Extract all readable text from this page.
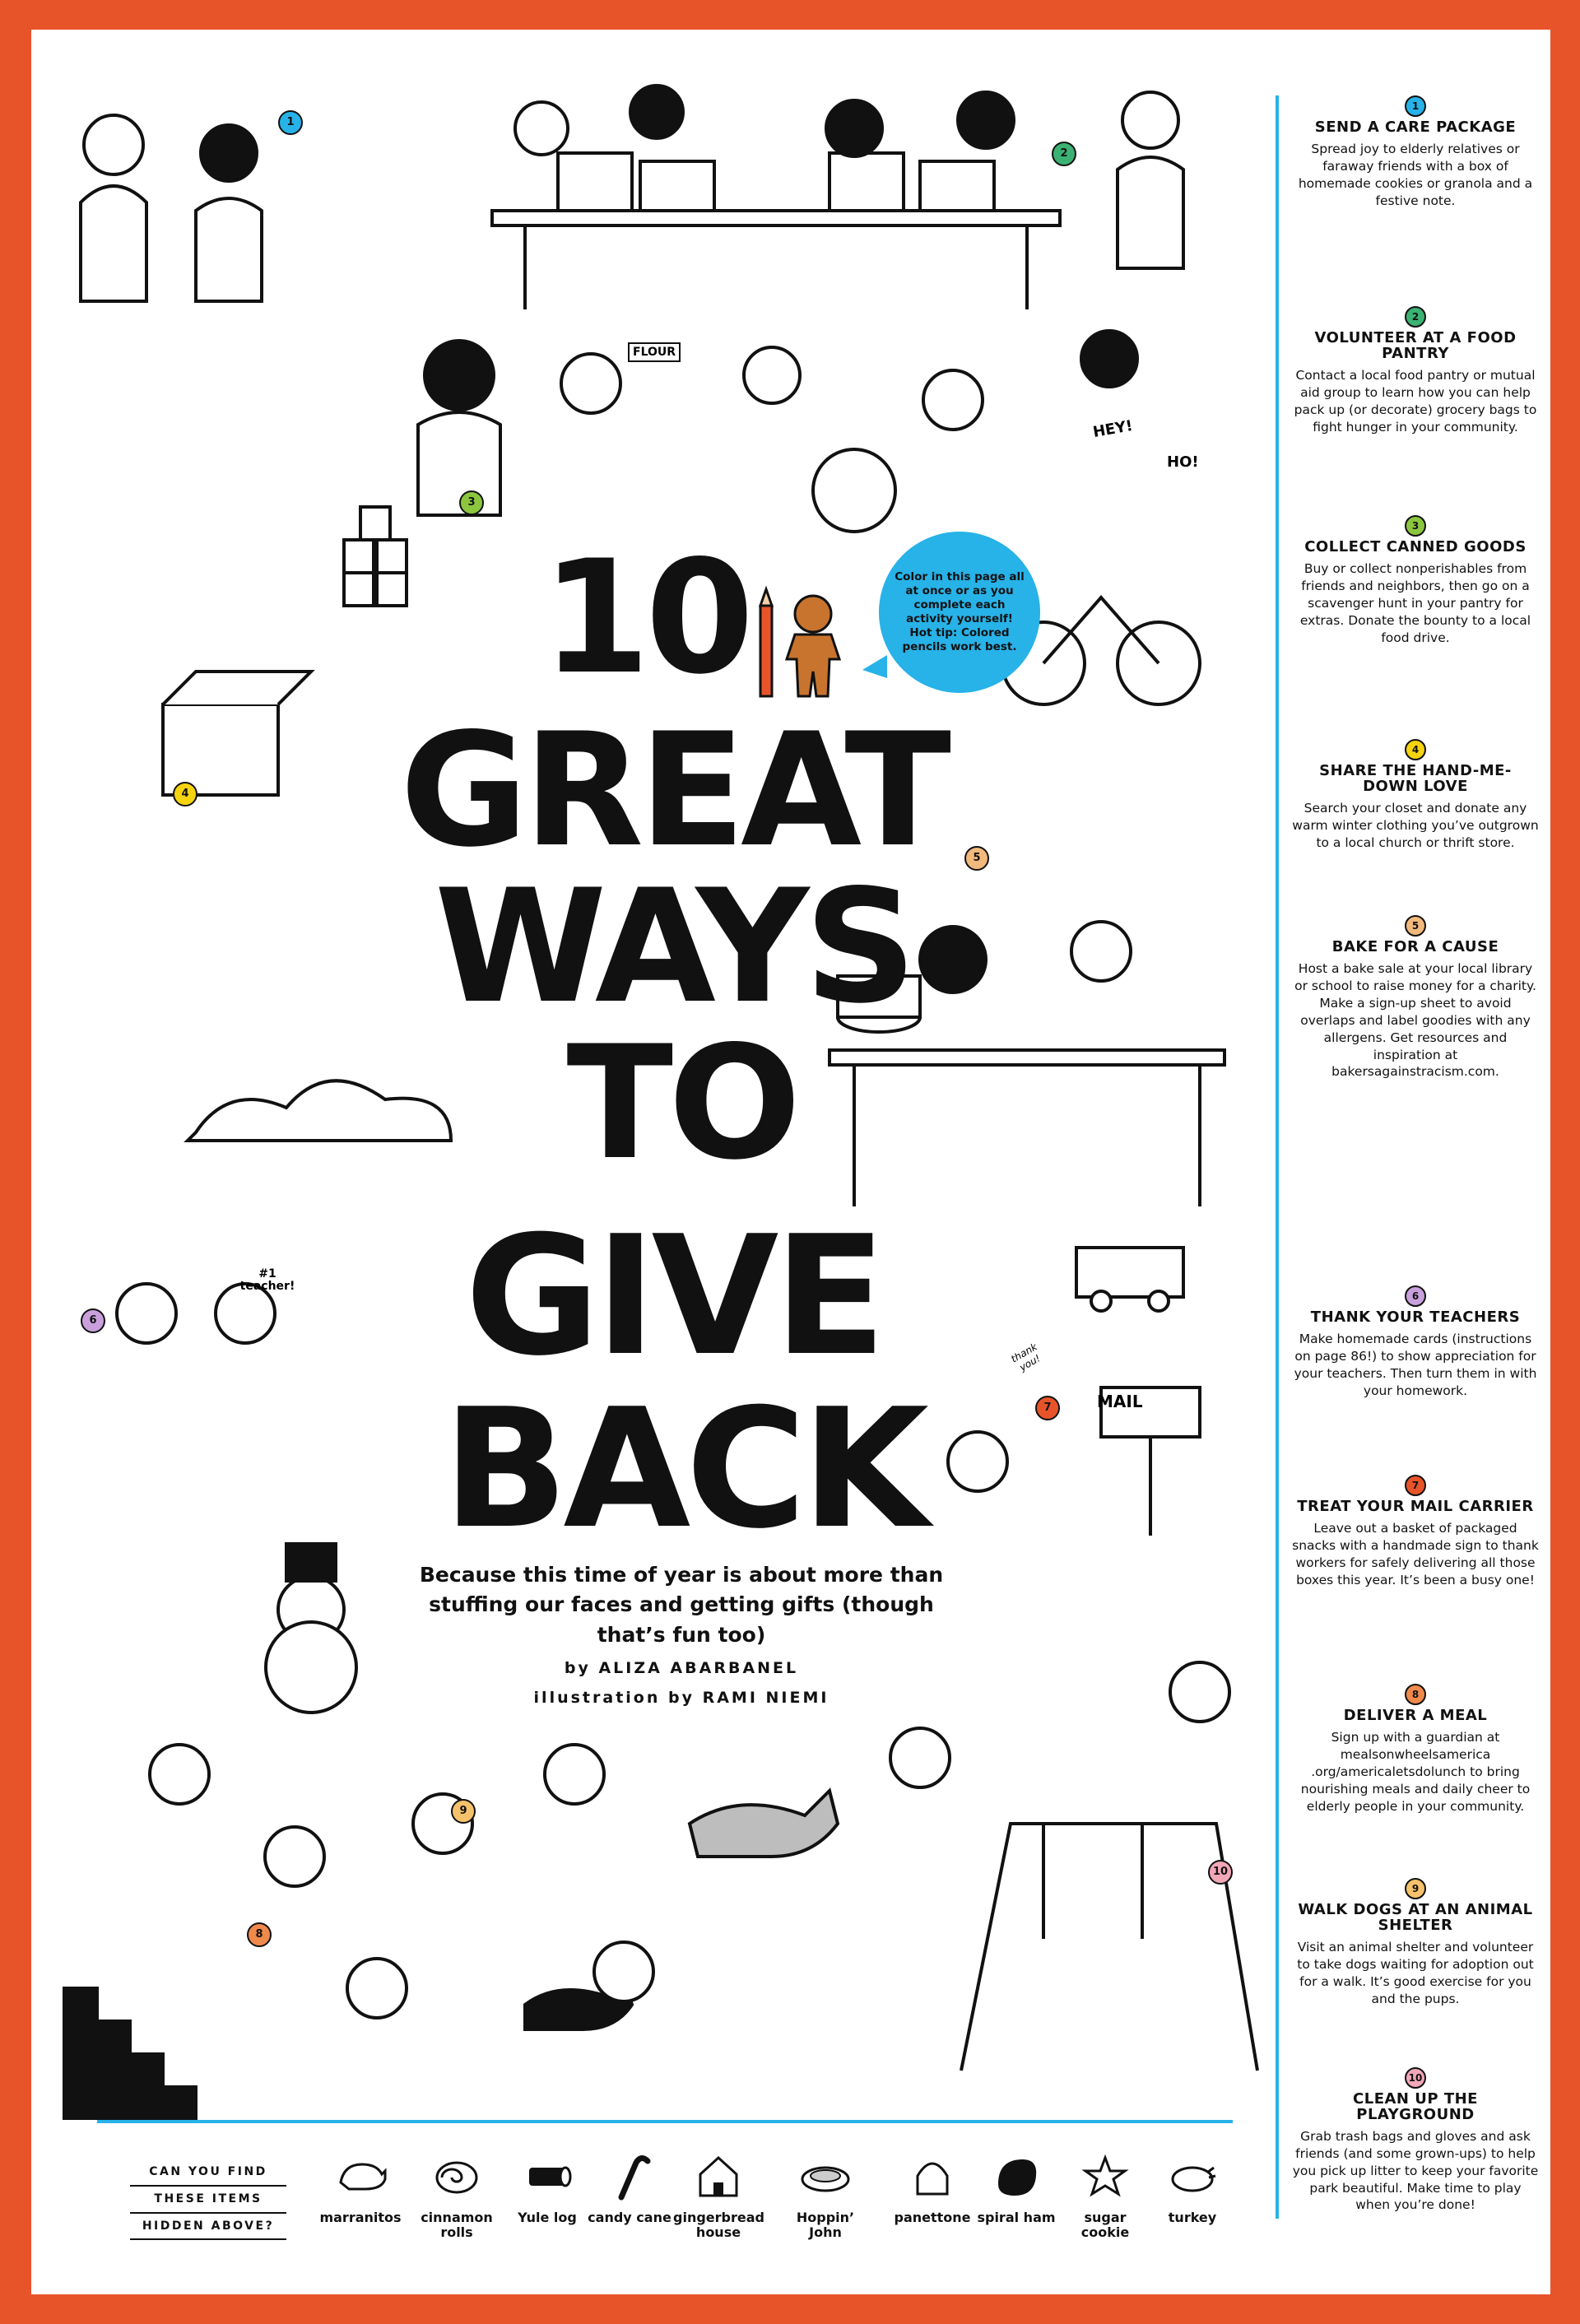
FLOUR
MAIL
HEY!
HO!
#1 teacher!
thank you!
1
2
3
4
5
6
7
8
9
10
10
GREAT
WAYS
TO
GIVE
BACK
Because this time of year is about more than stuffing our faces and getting gifts (though that’s fun too)
by ALIZA ABARBANEL
illustration by RAMI NIEMI
Color in this page all at once or as you complete each activity yourself! Hot tip: Colored pencils work best.
1
SEND A CARE PACKAGE
Spread joy to elderly relatives or faraway friends with a box of homemade cookies or granola and a festive note.
2
VOLUNTEER AT A FOOD PANTRY
Contact a local food pantry or mutual aid group to learn how you can help pack up (or decorate) grocery bags to fight hunger in your community.
3
COLLECT CANNED GOODS
Buy or collect nonperishables from friends and neighbors, then go on a scavenger hunt in your pantry for extras. Donate the bounty to a local food drive.
4
SHARE THE HAND-ME-DOWN LOVE
Search your closet and donate any warm winter clothing you’ve outgrown to a local church or thrift store.
5
BAKE FOR A CAUSE
Host a bake sale at your local library or school to raise money for a charity. Make a sign-up sheet to avoid overlaps and label goodies with any allergens. Get resources and inspiration at bakersagainstracism.com.
6
THANK YOUR TEACHERS
Make homemade cards (instructions on page 86!) to show appreciation for your teachers. Then turn them in with your homework.
7
TREAT YOUR MAIL CARRIER
Leave out a basket of packaged snacks with a handmade sign to thank workers for safely delivering all those boxes this year. It’s been a busy one!
8
DELIVER A MEAL
Sign up with a guardian at mealsonwheelsamerica .org/americaletsdolunch to bring nourishing meals and daily cheer to elderly people in your community.
9
WALK DOGS AT AN ANIMAL SHELTER
Visit an animal shelter and volunteer to take dogs waiting for adoption out for a walk. It’s good exercise for you and the pups.
10
CLEAN UP THE PLAYGROUND
Grab trash bags and gloves and ask friends (and some grown-ups) to help you pick up litter to keep your favorite park beautiful. Make time to play when you’re done!
CAN YOU FIND
THESE ITEMS
HIDDEN ABOVE?
marranitos	cinnamon rolls
Yule log candy cane gingerbread house
Hoppin’ John
panettone spiral ham	sugar cookie
turkey
